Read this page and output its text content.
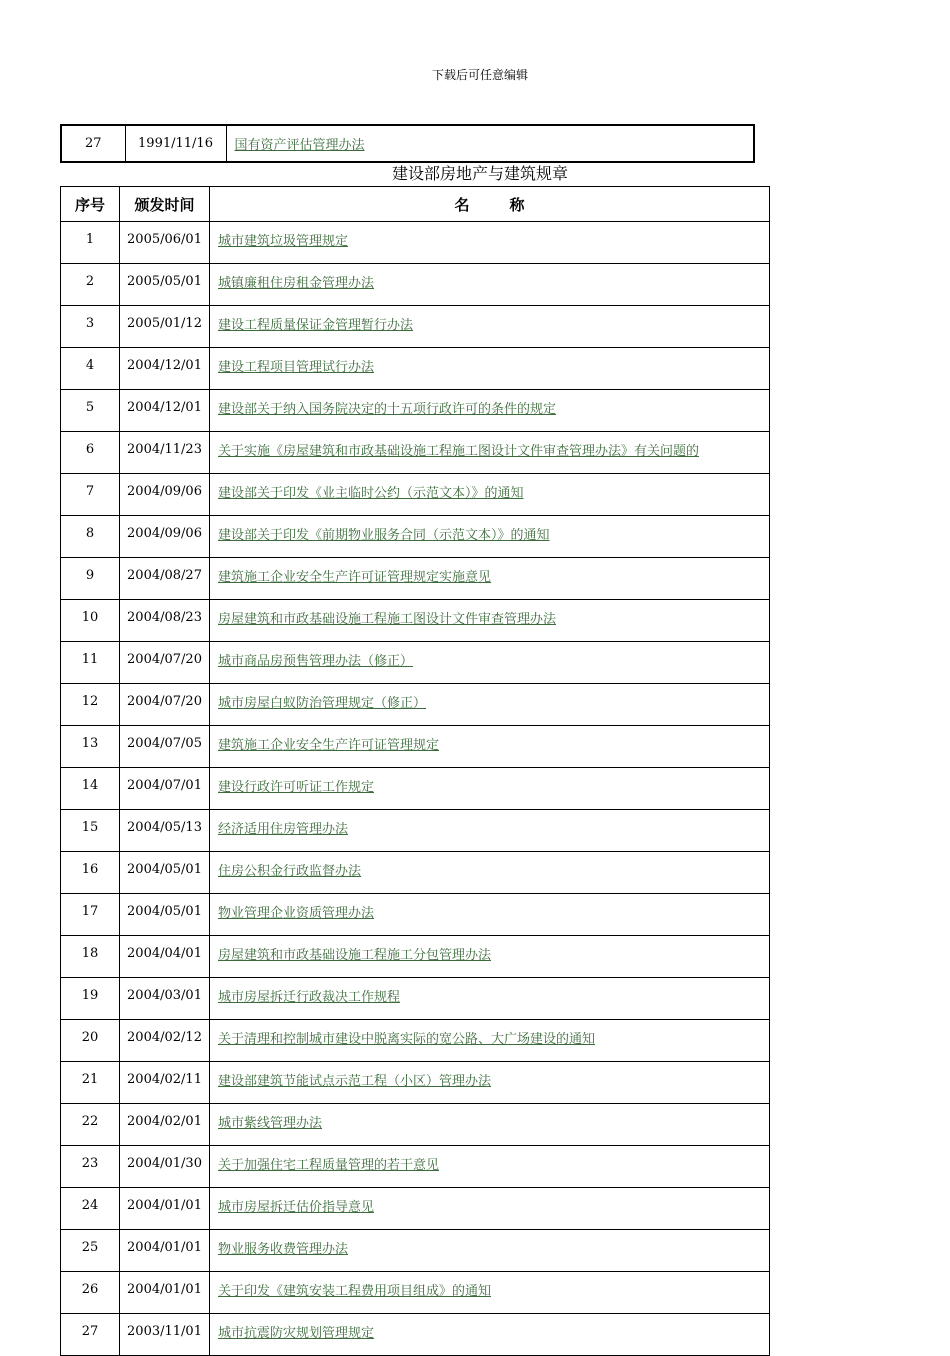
下载后可任意编辑
27	1991/11/16	国有资产评估管理办法
建设部房地产与建筑规章
序号	颁发时间	名称
1	2005/06/01	城市建筑垃圾管理规定
2	2005/05/01	城镇廉租住房租金管理办法
3	2005/01/12	建设工程质量保证金管理暂行办法
4	2004/12/01	建设工程项目管理试行办法
5	2004/12/01	建设部关于纳入国务院决定的十五项行政许可的条件的规定
6	2004/11/23	关于实施《房屋建筑和市政基础设施工程施工图设计文件审查管理办法》有关问题的
7	2004/09/06	建设部关于印发《业主临时公约（示范文本）》的通知
8	2004/09/06	建设部关于印发《前期物业服务合同（示范文本）》的通知
9	2004/08/27	建筑施工企业安全生产许可证管理规定实施意见
10	2004/08/23	房屋建筑和市政基础设施工程施工图设计文件审查管理办法
11	2004/07/20	城市商品房预售管理办法（修正）
12	2004/07/20	城市房屋白蚁防治管理规定（修正）
13	2004/07/05	建筑施工企业安全生产许可证管理规定
14	2004/07/01	建设行政许可听证工作规定
15	2004/05/13	经济适用住房管理办法
16	2004/05/01	住房公积金行政监督办法
17	2004/05/01	物业管理企业资质管理办法
18	2004/04/01	房屋建筑和市政基础设施工程施工分包管理办法
19	2004/03/01	城市房屋拆迁行政裁决工作规程
20	2004/02/12	关于清理和控制城市建设中脱离实际的宽公路、大广场建设的通知
21	2004/02/11	建设部建筑节能试点示范工程（小区）管理办法
22	2004/02/01	城市紫线管理办法
23	2004/01/30	关于加强住宅工程质量管理的若干意见
24	2004/01/01	城市房屋拆迁估价指导意见
25	2004/01/01	物业服务收费管理办法
26	2004/01/01	关于印发《建筑安装工程费用项目组成》的通知
27	2003/11/01	城市抗震防灾规划管理规定
